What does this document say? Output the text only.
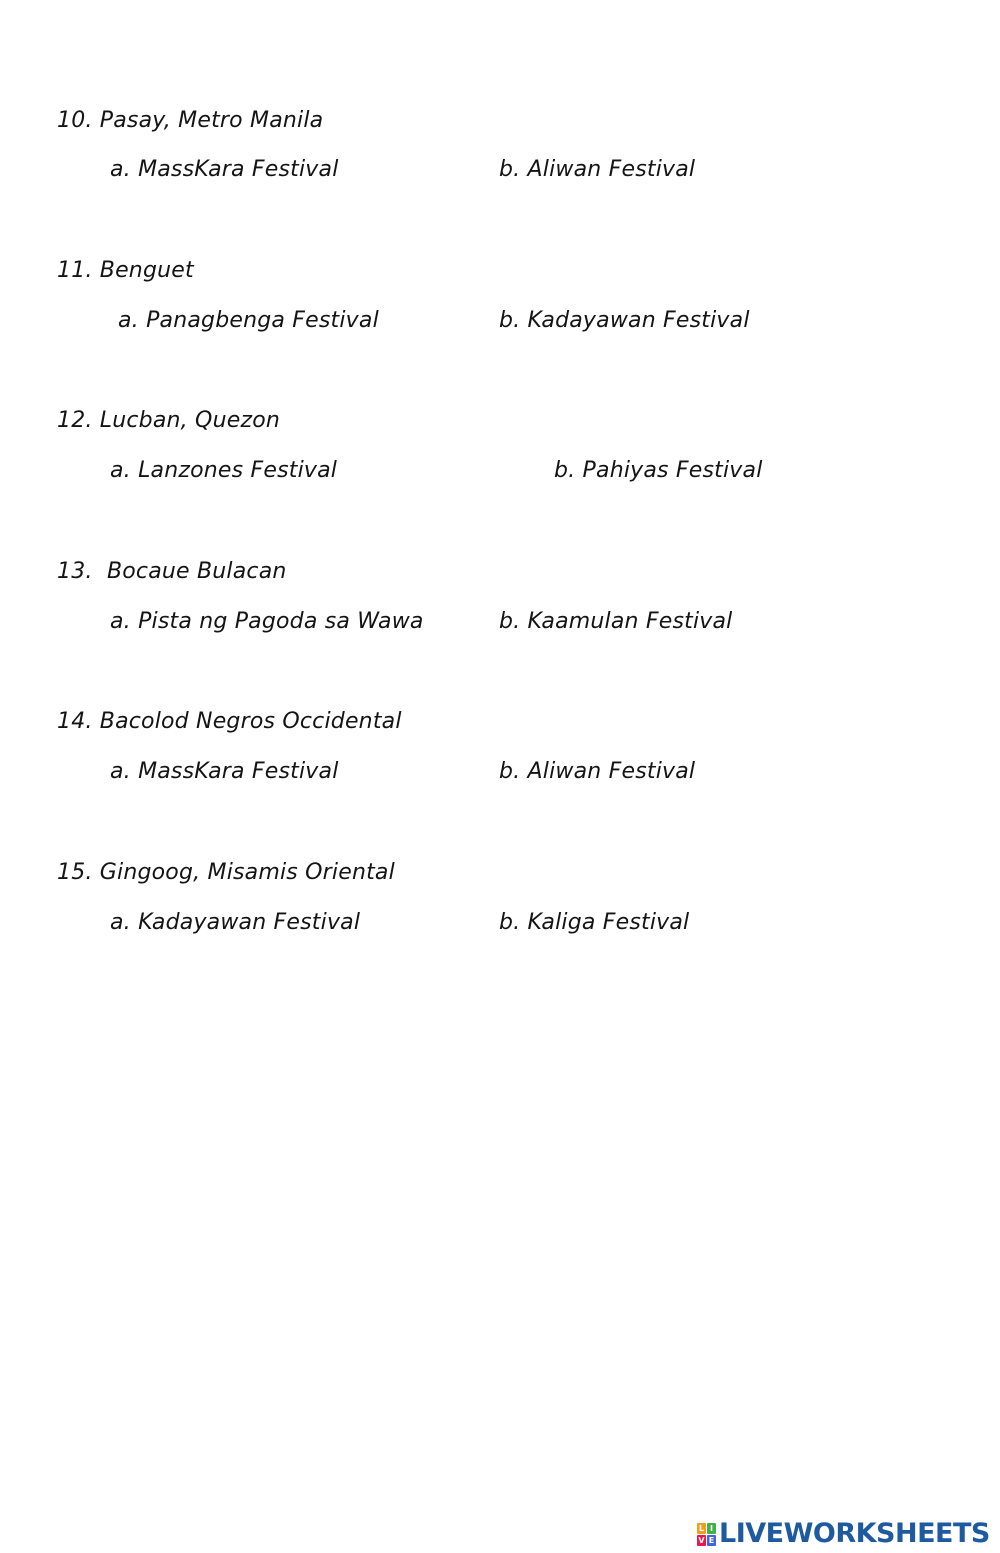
10. Pasay, Metro Manila
a. MassKara Festival	b. Aliwan Festival
11. Benguet
a. Panagbenga Festival	b. Kadayawan Festival
12. Lucban, Quezon
a. Lanzones Festival	b. Pahiyas Festival
13.  Bocaue Bulacan
a. Pista ng Pagoda sa Wawa	b. Kaamulan Festival
14. Bacolod Negros Occidental
a. MassKara Festival	b. Aliwan Festival
15. Gingoog, Misamis Oriental
a. Kadayawan Festival	b. Kaliga Festival
L I
V E LIVEWORKSHEETS
